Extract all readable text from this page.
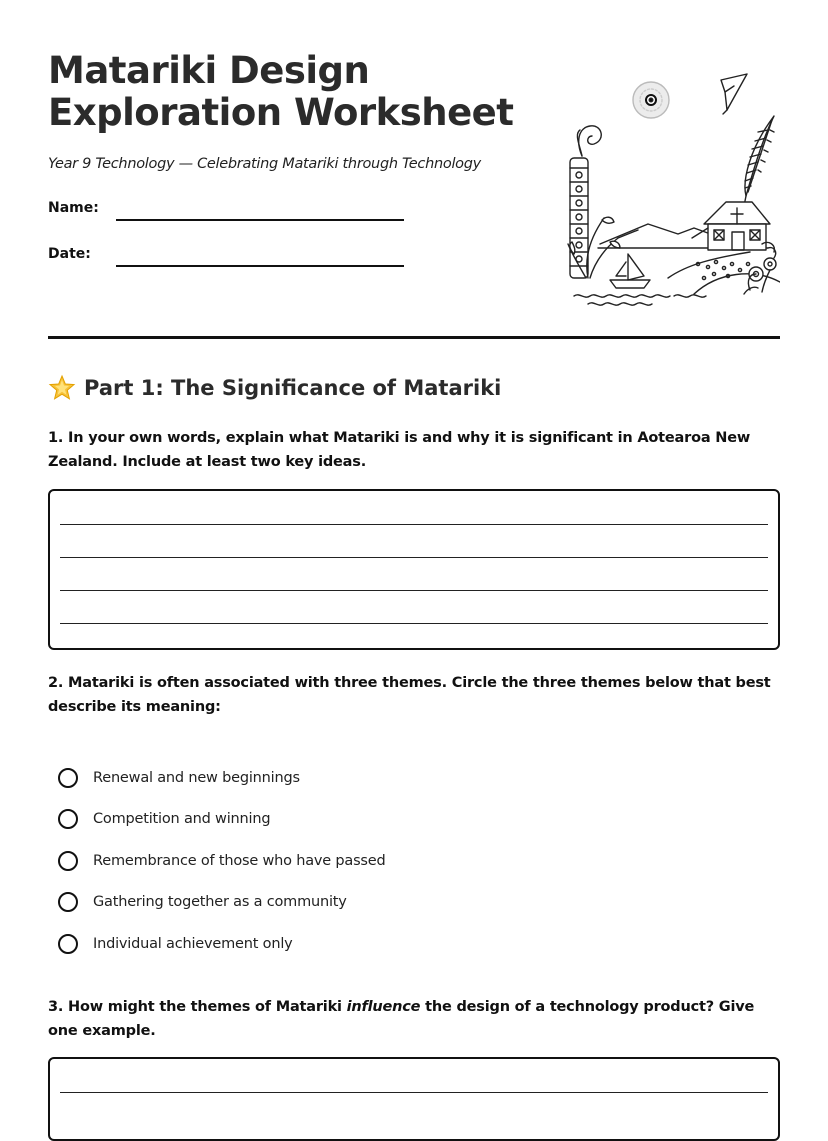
Matariki Design
Exploration Worksheet

Year 9 Technology — Celebrating Matariki through Technology

Name:
Date:
Part 1: The Significance of Matariki

1. In your own words, explain what Matariki is and why it is significant in Aotearoa New Zealand. Include at least two key ideas.

2. Matariki is often associated with three themes. Circle the three themes below that best describe its meaning:

Renewal and new beginnings
Competition and winning
Remembrance of those who have passed
Gathering together as a community
Individual achievement only

3. How might the themes of Matariki influence the design of a technology product? Give one example.
